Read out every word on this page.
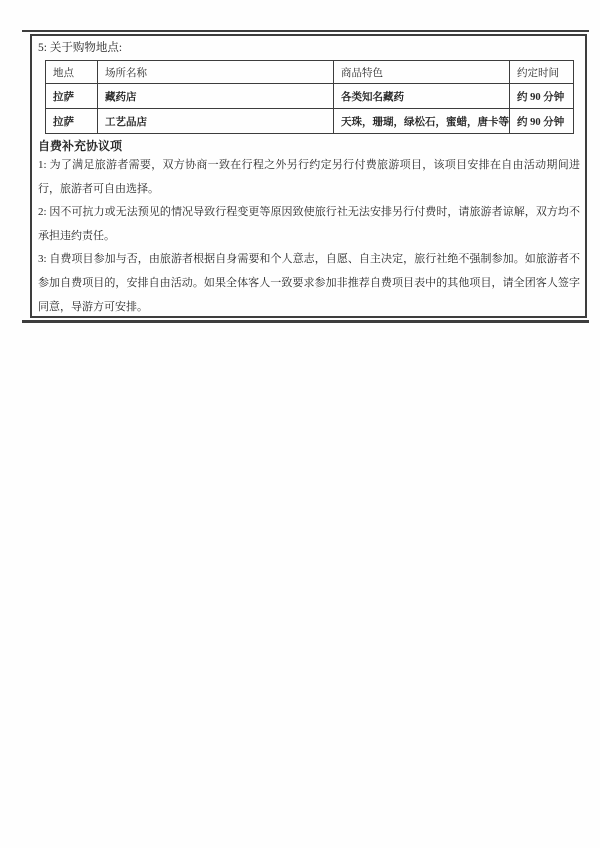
5: 关于购物地点:
地点	场所名称	商品特色	约定时间
拉萨	藏药店	各类知名藏药	约 90 分钟
拉萨	工艺品店	天珠，珊瑚，绿松石，蜜蜡，唐卡等	约 90 分钟
自费补充协议项

1: 为了满足旅游者需要，双方协商一致在行程之外另行约定另行付费旅游项目，该项目安排在自由活动期间进行，旅游者可自由选择。

2: 因不可抗力或无法预见的情况导致行程变更等原因致使旅行社无法安排另行付费时，请旅游者谅解，双方均不承担违约责任。

3: 自费项目参加与否，由旅游者根据自身需要和个人意志，自愿、自主决定，旅行社绝不强制参加。如旅游者不参加自费项目的，安排自由活动。如果全体客人一致要求参加非推荐自费项目表中的其他项目，请全团客人签字同意，导游方可安排。
